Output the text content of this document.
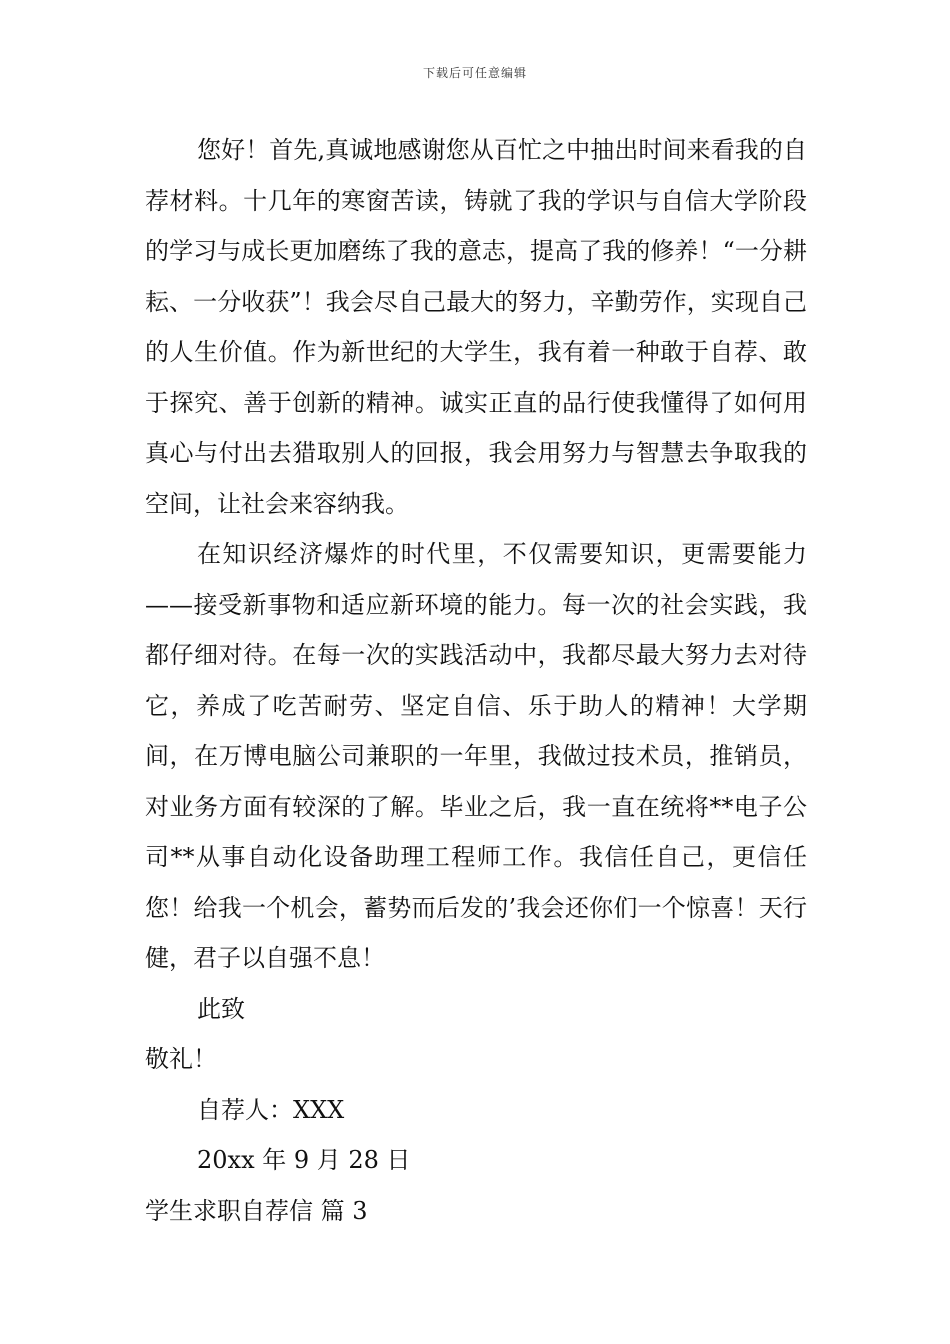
下载后可任意编辑

您好！首先,真诚地感谢您从百忙之中抽出时间来看我的自荐材料。十几年的寒窗苦读，铸就了我的学识与自信大学阶段的学习与成长更加磨练了我的意志，提高了我的修养！“一分耕耘、一分收获”！我会尽自己最大的努力，辛勤劳作，实现自己的人生价值。作为新世纪的大学生，我有着一种敢于自荐、敢于探究、善于创新的精神。诚实正直的品行使我懂得了如何用真心与付出去猎取别人的回报，我会用努力与智慧去争取我的空间，让社会来容纳我。

在知识经济爆炸的时代里，不仅需要知识，更需要能力——接受新事物和适应新环境的能力。每一次的社会实践，我都仔细对待。在每一次的实践活动中，我都尽最大努力去对待它，养成了吃苦耐劳、坚定自信、乐于助人的精神！大学期间，在万博电脑公司兼职的一年里，我做过技术员，推销员，对业务方面有较深的了解。毕业之后，我一直在统将**电子公司**从事自动化设备助理工程师工作。我信任自己，更信任您！给我一个机会，蓄势而后发的’我会还你们一个惊喜！天行健，君子以自强不息！

此致

敬礼！

自荐人：XXX

20xx 年 9 月 28 日

学生求职自荐信 篇 3
